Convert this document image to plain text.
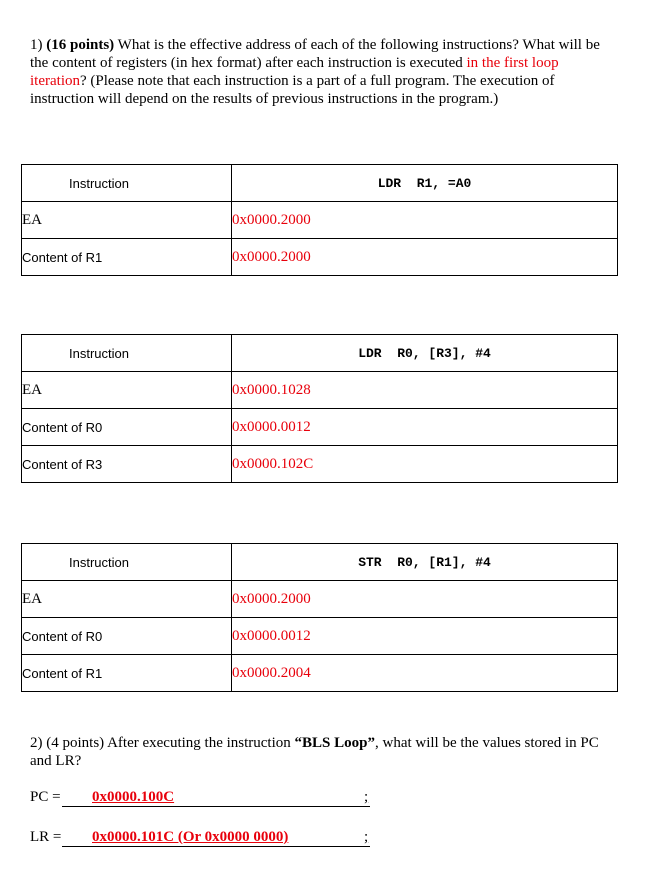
1) (16 points) What is the effective address of each of the following instructions? What will be the content of registers (in hex format) after each instruction is executed in the first loop iteration? (Please note that each instruction is a part of a full program. The execution of instruction will depend on the results of previous instructions in the program.)
Instruction	LDR  R1, =A0
EA	0x0000.2000
Content of R1	0x0000.2000
Instruction	LDR  R0, [R3], #4
EA	0x0000.1028
Content of R0	0x0000.0012
Content of R3	0x0000.102C
Instruction	STR  R0, [R1], #4
EA	0x0000.2000
Content of R0	0x0000.0012
Content of R1	0x0000.2004
2) (4 points) After executing the instruction “BLS Loop”, what will be the values stored in PC and LR?
PC = 0x0000.100C	;
LR = 0x0000.101C (Or 0x0000 0000)	;
